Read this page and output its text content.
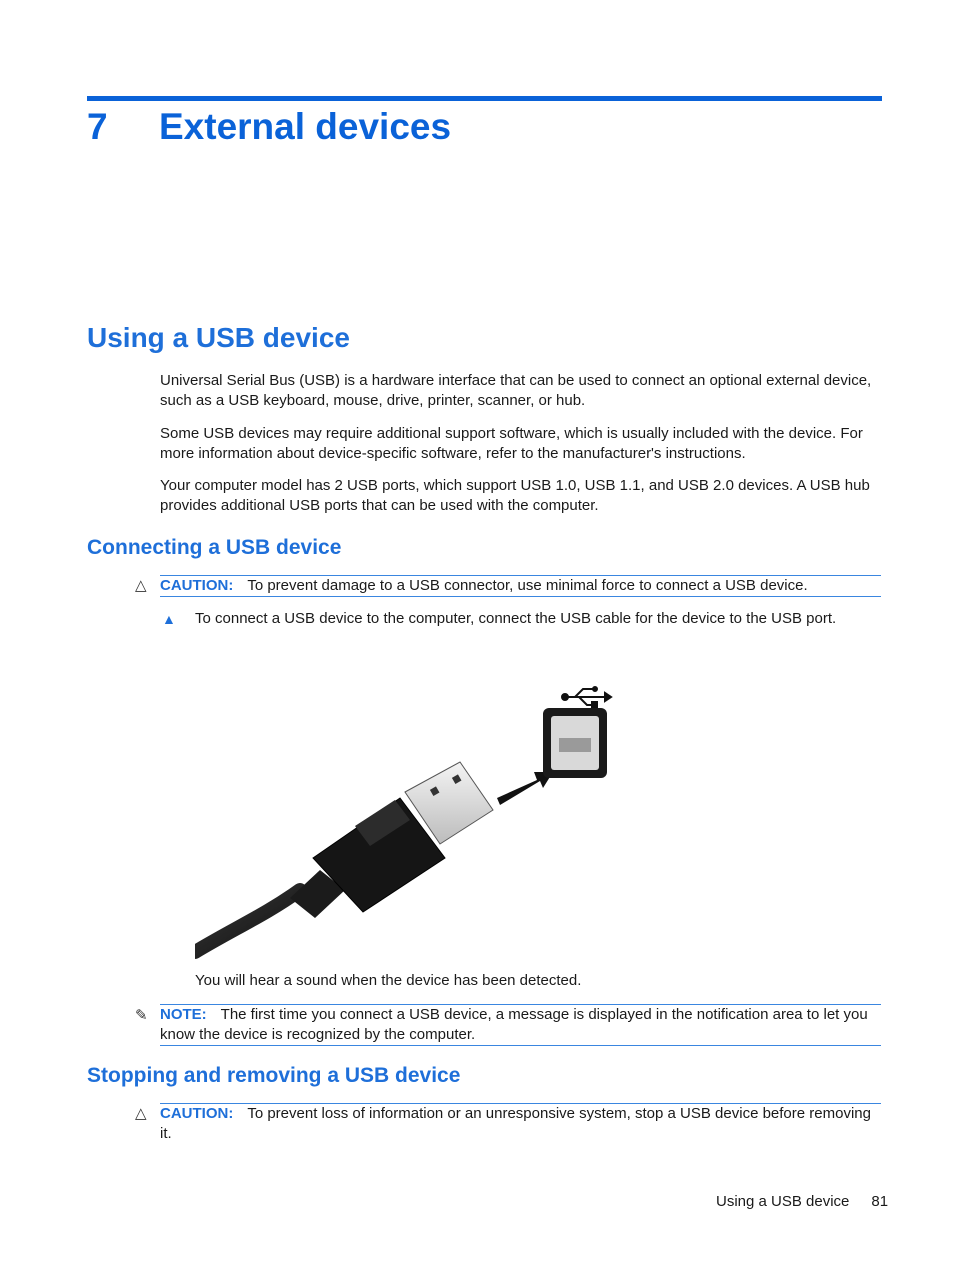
7 External devices
Using a USB device

Universal Serial Bus (USB) is a hardware interface that can be used to connect an optional external device, such as a USB keyboard, mouse, drive, printer, scanner, or hub.

Some USB devices may require additional support software, which is usually included with the device. For more information about device-specific software, refer to the manufacturer's instructions.

Your computer model has 2 USB ports, which support USB 1.0, USB 1.1, and USB 2.0 devices. A USB hub provides additional USB ports that can be used with the computer.

Connecting a USB device
△ CAUTION: To prevent damage to a USB connector, use minimal force to connect a USB device.
▲ To connect a USB device to the computer, connect the USB cable for the device to the USB port.

You will hear a sound when the device has been detected.

✎ NOTE: The first time you connect a USB device, a message is displayed in the notification area to let you know the device is recognized by the computer.
Stopping and removing a USB device
△ CAUTION: To prevent loss of information or an unresponsive system, stop a USB device before removing it.
Using a USB device 81
